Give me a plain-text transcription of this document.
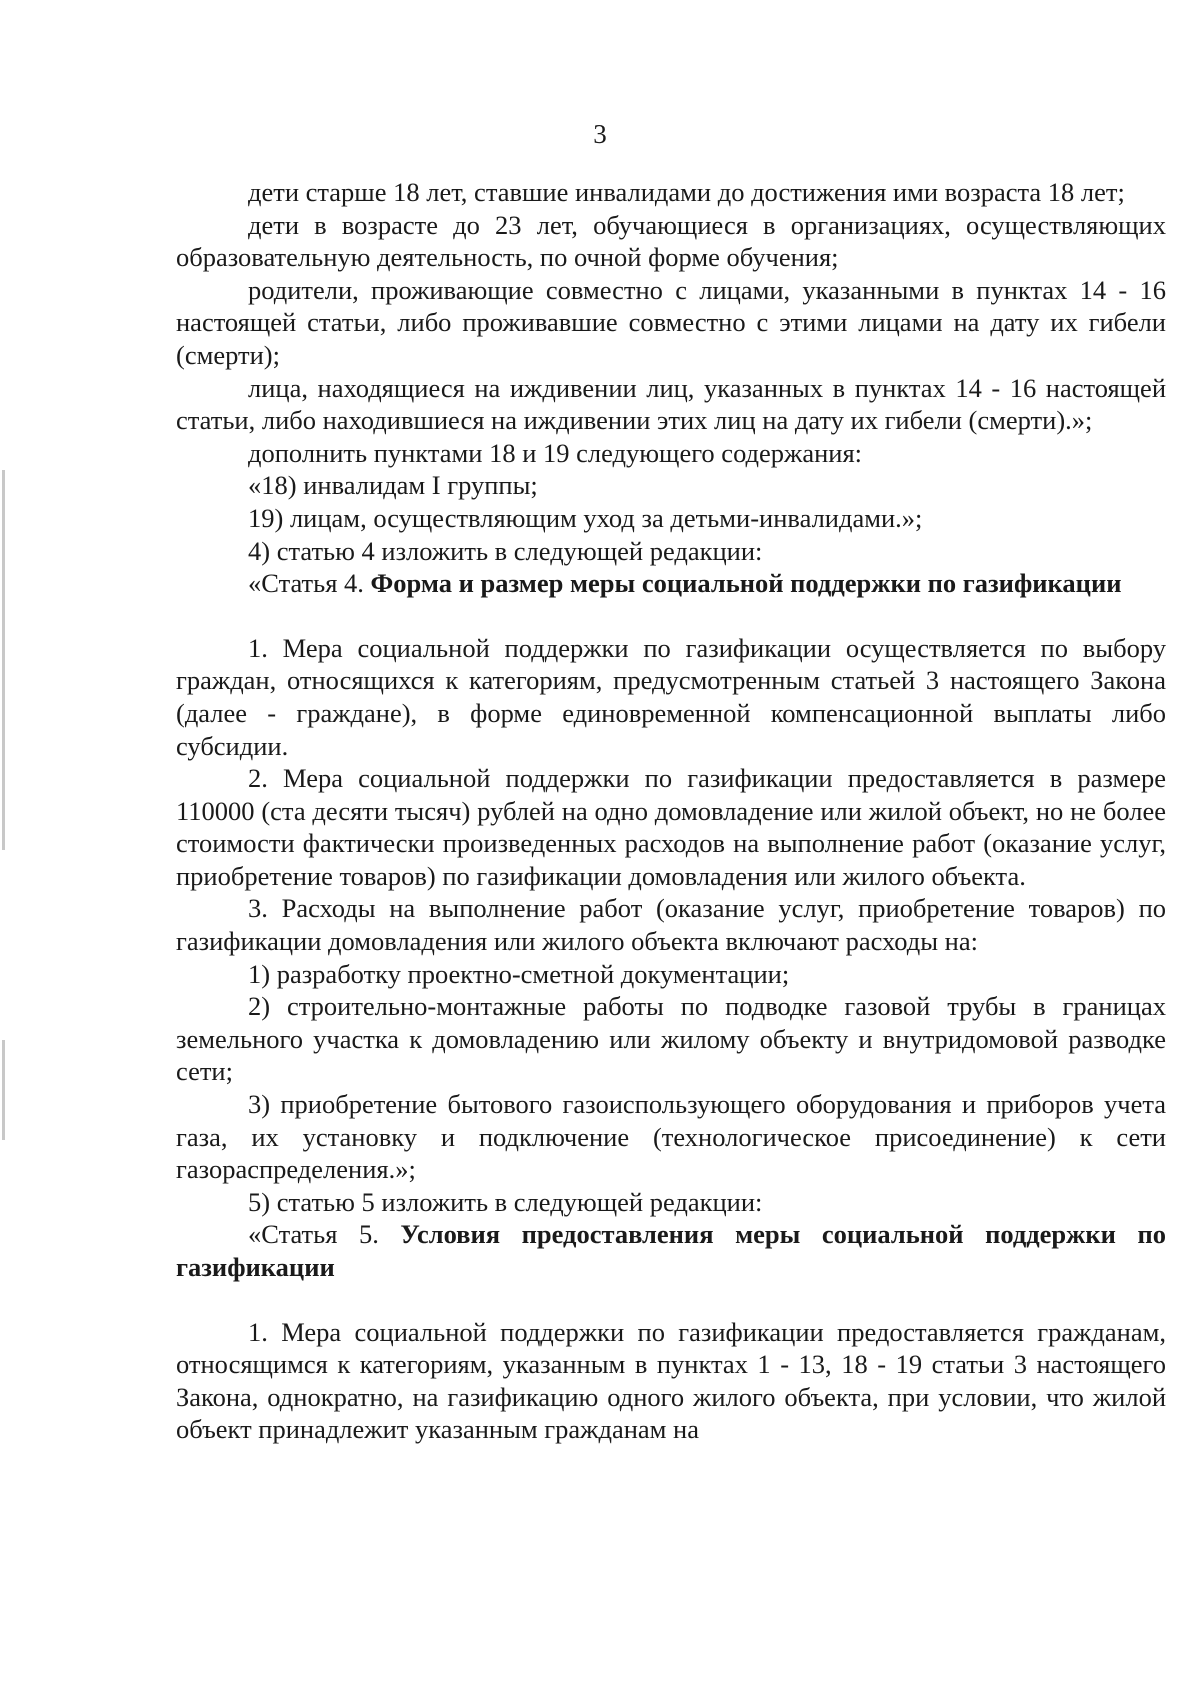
3

дети старше 18 лет, ставшие инвалидами до достижения ими возраста 18 лет;

дети в возрасте до 23 лет, обучающиеся в организациях, осуществляющих образовательную деятельность, по очной форме обучения;

родители, проживающие совместно с лицами, указанными в пунктах 14 - 16 настоящей статьи, либо проживавшие совместно с этими лицами на дату их гибели (смерти);

лица, находящиеся на иждивении лиц, указанных в пунктах 14 - 16 настоящей статьи, либо находившиеся на иждивении этих лиц на дату их гибели (смерти).»;

дополнить пунктами 18 и 19 следующего содержания:

«18) инвалидам I группы;

19) лицам, осуществляющим уход за детьми-инвалидами.»;

4) статью 4 изложить в следующей редакции:

«Статья 4. Форма и размер меры социальной поддержки по газификации

1. Мера социальной поддержки по газификации осуществляется по выбору граждан, относящихся к категориям, предусмотренным статьей 3 настоящего Закона (далее - граждане), в форме единовременной компенсационной выплаты либо субсидии.

2. Мера социальной поддержки по газификации предоставляется в размере 110000 (ста десяти тысяч) рублей на одно домовладение или жилой объект, но не более стоимости фактически произведенных расходов на выполнение работ (оказание услуг, приобретение товаров) по газификации домовладения или жилого объекта.

3. Расходы на выполнение работ (оказание услуг, приобретение товаров) по газификации домовладения или жилого объекта включают расходы на:

1) разработку проектно-сметной документации;

2) строительно-монтажные работы по подводке газовой трубы в границах земельного участка к домовладению или жилому объекту и внутридомовой разводке сети;

3) приобретение бытового газоиспользующего оборудования и приборов учета газа, их установку и подключение (технологическое присоединение) к сети газораспределения.»;

5) статью 5 изложить в следующей редакции:

«Статья 5. Условия предоставления меры социальной поддержки по газификации

1. Мера социальной поддержки по газификации предоставляется гражданам, относящимся к категориям, указанным в пунктах 1 - 13, 18 - 19 статьи 3 настоящего Закона, однократно, на газификацию одного жилого объекта, при условии, что жилой объект принадлежит указанным гражданам на
